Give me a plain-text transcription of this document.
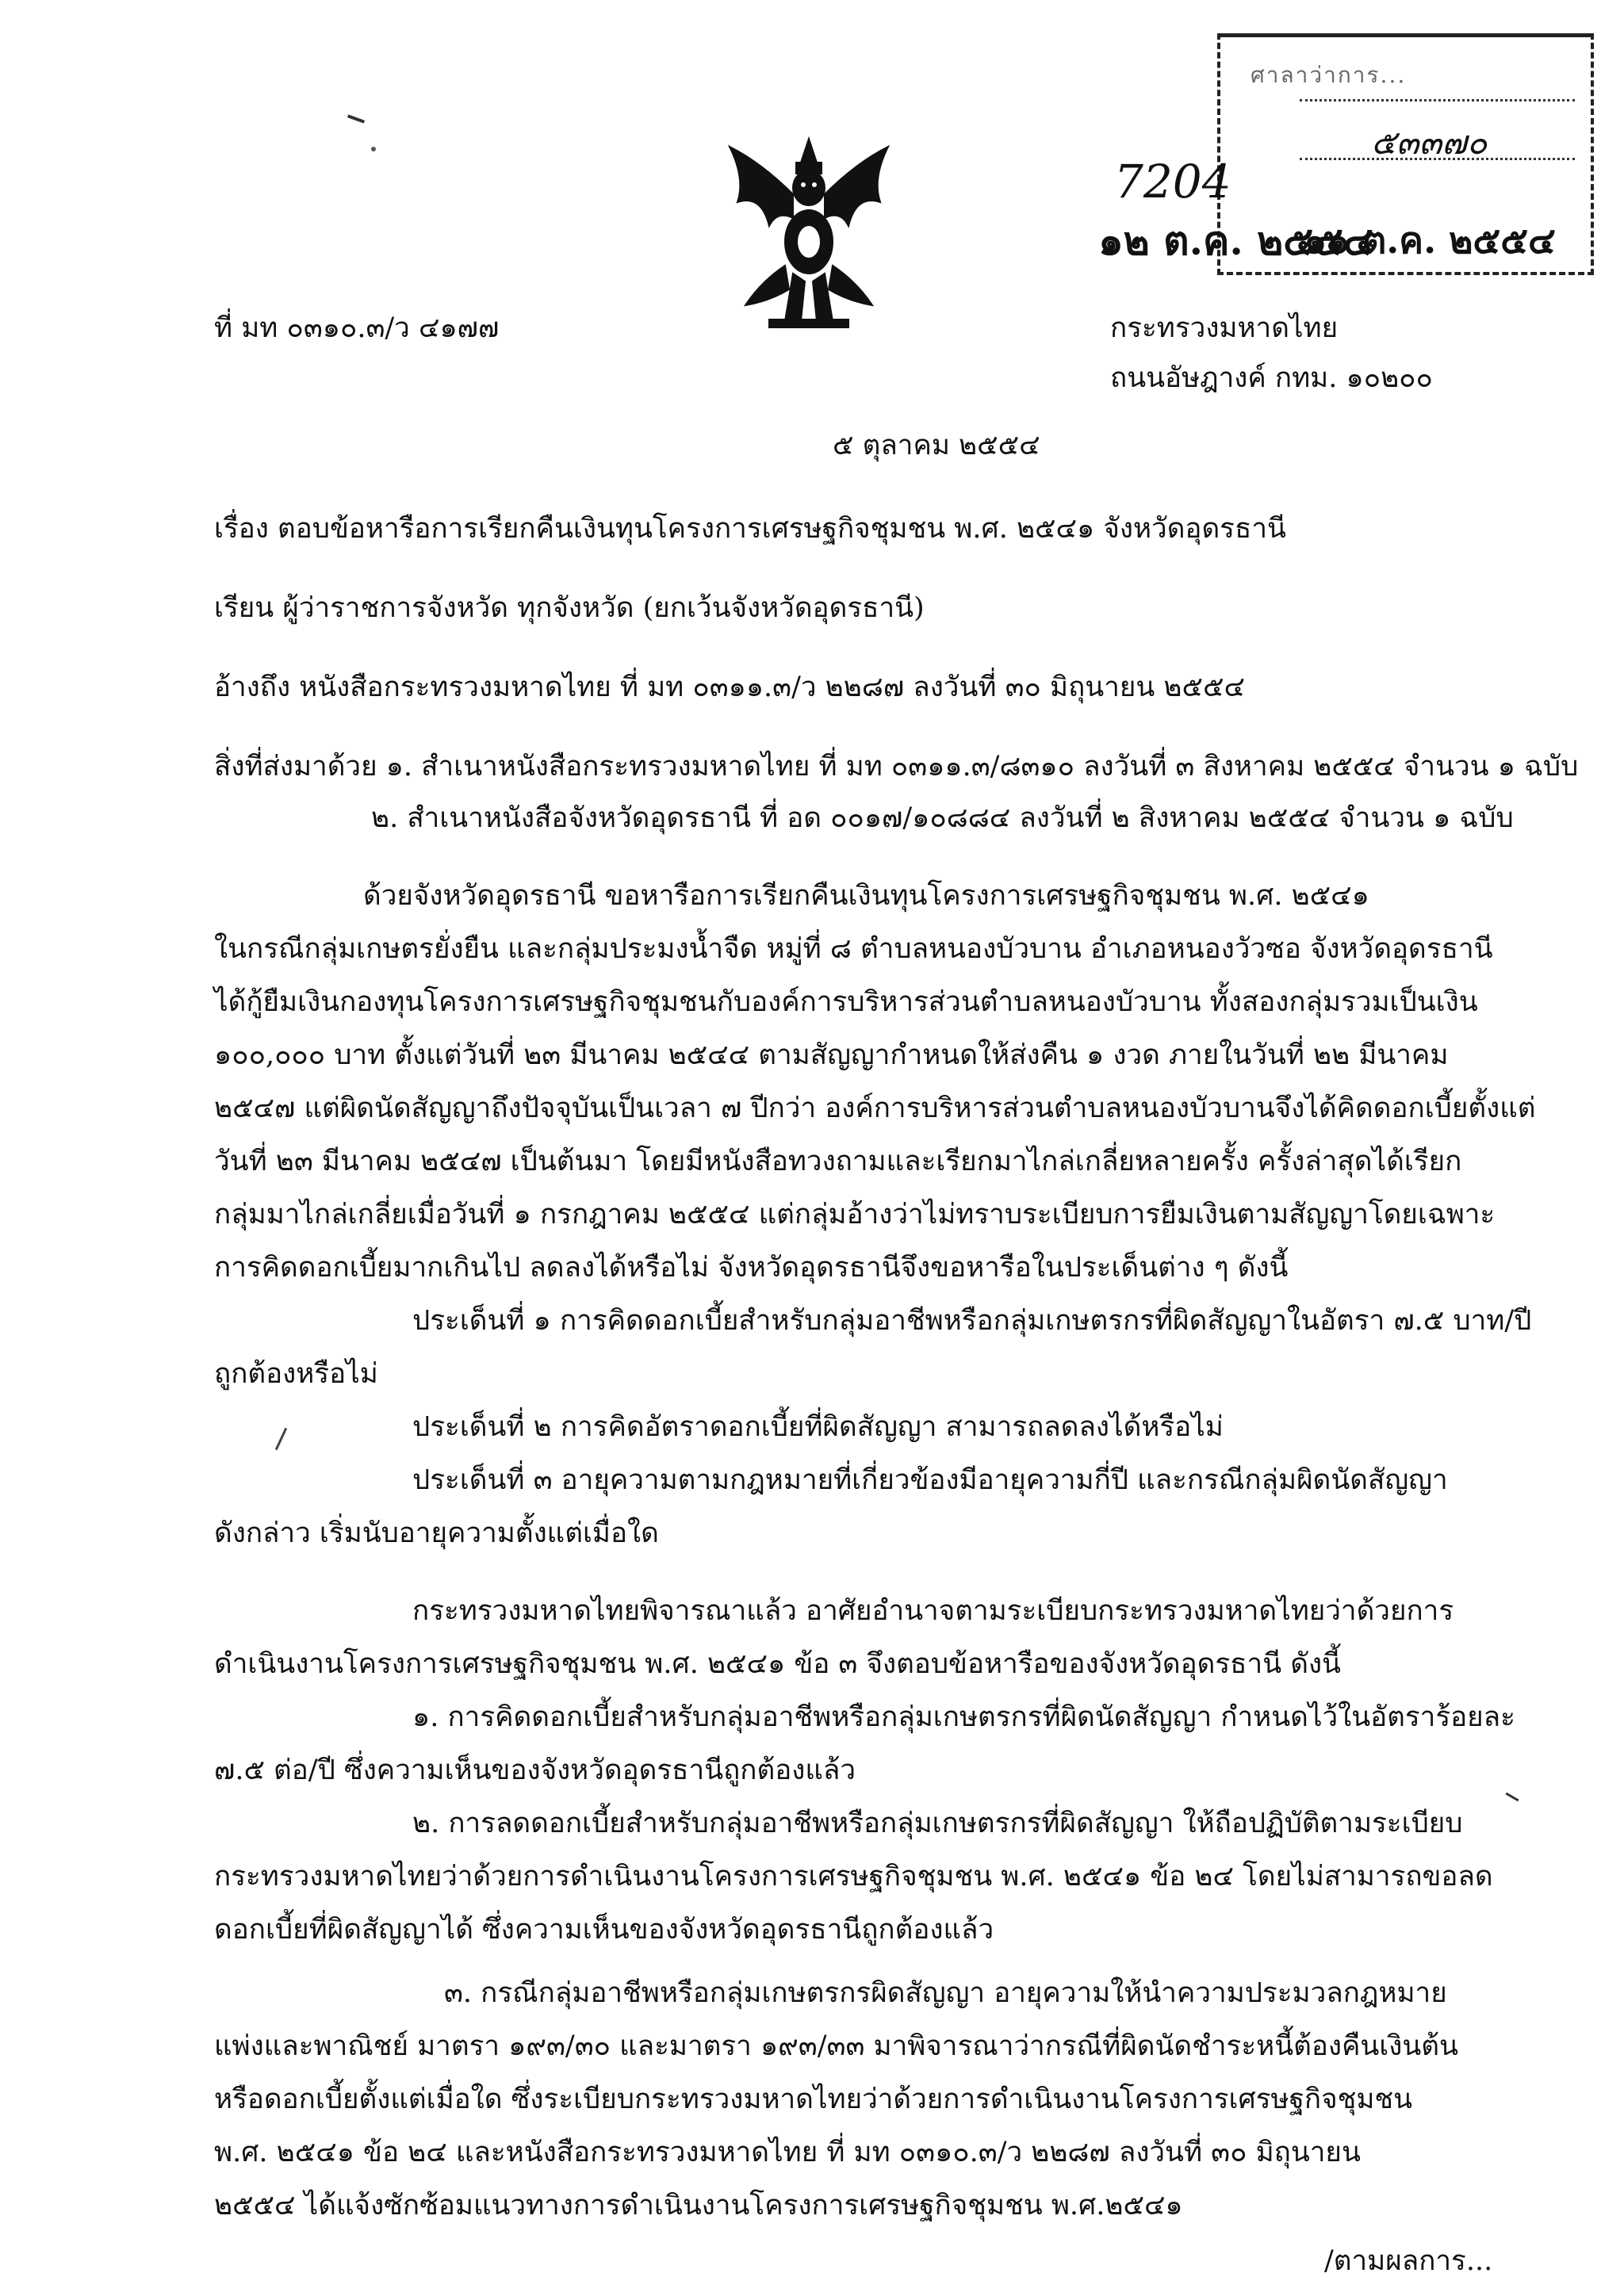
ศาลาว่าการ...
๕๓๓๗๐
๑๑ ต.ค. ๒๕๕๔
7204
๑๒ ต.ค. ๒๕๕๔
ที่ มท ๐๓๑๐.๓/ว ๔๑๗๗	กระทรวงมหาดไทย
ถนนอัษฎางค์ กทม. ๑๐๒๐๐
๕ ตุลาคม ๒๕๕๔
เรื่อง ตอบข้อหารือการเรียกคืนเงินทุนโครงการเศรษฐกิจชุมชน พ.ศ. ๒๕๔๑ จังหวัดอุดรธานี
เรียน ผู้ว่าราชการจังหวัด ทุกจังหวัด (ยกเว้นจังหวัดอุดรธานี)
อ้างถึง หนังสือกระทรวงมหาดไทย ที่ มท ๐๓๑๑.๓/ว ๒๒๘๗ ลงวันที่ ๓๐ มิถุนายน ๒๕๕๔
สิ่งที่ส่งมาด้วย ๑. สำเนาหนังสือกระทรวงมหาดไทย ที่ มท ๐๓๑๑.๓/๘๓๑๐ ลงวันที่ ๓ สิงหาคม ๒๕๕๔ จำนวน ๑ ฉบับ
๒. สำเนาหนังสือจังหวัดอุดรธานี ที่ อด ๐๐๑๗/๑๐๘๘๔ ลงวันที่ ๒ สิงหาคม ๒๕๕๔ จำนวน ๑ ฉบับ
ด้วยจังหวัดอุดรธานี ขอหารือการเรียกคืนเงินทุนโครงการเศรษฐกิจชุมชน พ.ศ. ๒๕๔๑
ในกรณีกลุ่มเกษตรยั่งยืน และกลุ่มประมงน้ำจืด หมู่ที่ ๘ ตำบลหนองบัวบาน อำเภอหนองวัวซอ จังหวัดอุดรธานี
ได้กู้ยืมเงินกองทุนโครงการเศรษฐกิจชุมชนกับองค์การบริหารส่วนตำบลหนองบัวบาน ทั้งสองกลุ่มรวมเป็นเงิน
๑๐๐,๐๐๐ บาท ตั้งแต่วันที่ ๒๓ มีนาคม ๒๕๔๔ ตามสัญญากำหนดให้ส่งคืน ๑ งวด ภายในวันที่ ๒๒ มีนาคม
๒๕๔๗ แต่ผิดนัดสัญญาถึงปัจจุบันเป็นเวลา ๗ ปีกว่า องค์การบริหารส่วนตำบลหนองบัวบานจึงได้คิดดอกเบี้ยตั้งแต่
วันที่ ๒๓ มีนาคม ๒๕๔๗ เป็นต้นมา โดยมีหนังสือทวงถามและเรียกมาไกล่เกลี่ยหลายครั้ง ครั้งล่าสุดได้เรียก
กลุ่มมาไกล่เกลี่ยเมื่อวันที่ ๑ กรกฎาคม ๒๕๕๔ แต่กลุ่มอ้างว่าไม่ทราบระเบียบการยืมเงินตามสัญญาโดยเฉพาะ
การคิดดอกเบี้ยมากเกินไป ลดลงได้หรือไม่ จังหวัดอุดรธานีจึงขอหารือในประเด็นต่าง ๆ ดังนี้
ประเด็นที่ ๑ การคิดดอกเบี้ยสำหรับกลุ่มอาชีพหรือกลุ่มเกษตรกรที่ผิดสัญญาในอัตรา ๗.๕ บาท/ปี
ถูกต้องหรือไม่
ประเด็นที่ ๒ การคิดอัตราดอกเบี้ยที่ผิดสัญญา สามารถลดลงได้หรือไม่
ประเด็นที่ ๓ อายุความตามกฎหมายที่เกี่ยวข้องมีอายุความกี่ปี และกรณีกลุ่มผิดนัดสัญญา
ดังกล่าว เริ่มนับอายุความตั้งแต่เมื่อใด
กระทรวงมหาดไทยพิจารณาแล้ว อาศัยอำนาจตามระเบียบกระทรวงมหาดไทยว่าด้วยการ
ดำเนินงานโครงการเศรษฐกิจชุมชน พ.ศ. ๒๕๔๑ ข้อ ๓ จึงตอบข้อหารือของจังหวัดอุดรธานี ดังนี้
๑. การคิดดอกเบี้ยสำหรับกลุ่มอาชีพหรือกลุ่มเกษตรกรที่ผิดนัดสัญญา กำหนดไว้ในอัตราร้อยละ
๗.๕ ต่อ/ปี ซึ่งความเห็นของจังหวัดอุดรธานีถูกต้องแล้ว
๒. การลดดอกเบี้ยสำหรับกลุ่มอาชีพหรือกลุ่มเกษตรกรที่ผิดสัญญา ให้ถือปฏิบัติตามระเบียบ
กระทรวงมหาดไทยว่าด้วยการดำเนินงานโครงการเศรษฐกิจชุมชน พ.ศ. ๒๕๔๑ ข้อ ๒๔ โดยไม่สามารถขอลด
ดอกเบี้ยที่ผิดสัญญาได้ ซึ่งความเห็นของจังหวัดอุดรธานีถูกต้องแล้ว
๓. กรณีกลุ่มอาชีพหรือกลุ่มเกษตรกรผิดสัญญา อายุความให้นำความประมวลกฎหมาย
แพ่งและพาณิชย์ มาตรา ๑๙๓/๓๐ และมาตรา ๑๙๓/๓๓ มาพิจารณาว่ากรณีที่ผิดนัดชำระหนี้ต้องคืนเงินต้น
หรือดอกเบี้ยตั้งแต่เมื่อใด ซึ่งระเบียบกระทรวงมหาดไทยว่าด้วยการดำเนินงานโครงการเศรษฐกิจชุมชน
พ.ศ. ๒๕๔๑ ข้อ ๒๔ และหนังสือกระทรวงมหาดไทย ที่ มท ๐๓๑๐.๓/ว ๒๒๘๗ ลงวันที่ ๓๐ มิถุนายน
๒๕๕๔ ได้แจ้งซักซ้อมแนวทางการดำเนินงานโครงการเศรษฐกิจชุมชน พ.ศ.๒๕๔๑
/ตามผลการ...
